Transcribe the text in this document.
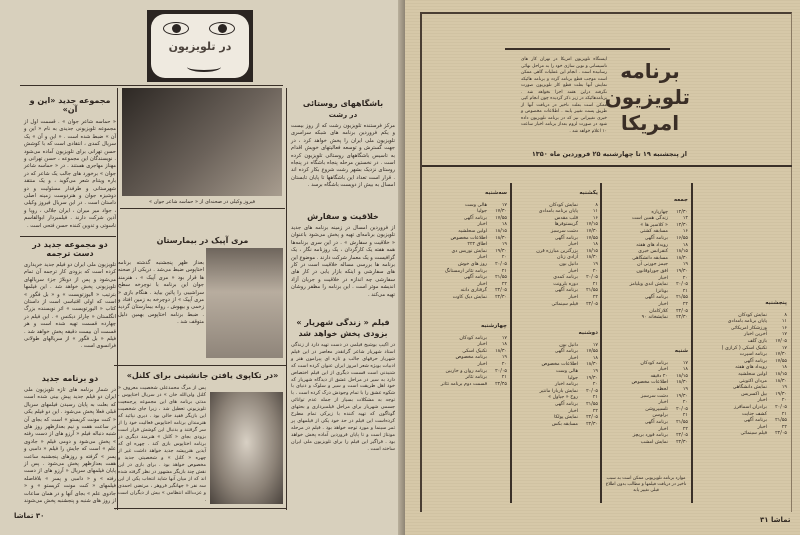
در تلویزیون
مجموعه جدید «این و آن»
« حماسه شاعر جوان » . قسمت اول از مجموعه تلویزیونی جدیدی به نام « این و آن » ضبط شده است . « این و آن » یک سریال کمدی ، انتقادی است که با کوشش حسن تهرانی برای تلویزیون آماده می‌شود . نویسندگان این مجموعه ، حسن تهرانی و مهناز مهاجری هستند . در « حماسه شاعر جوان » برخورد های جالب یک شاعر که در باره ویتنام شعر می‌گوید ، و یک منتقد شهرستانی و طرفدار مسئولیت و دو دوشیزه جوان و هنردوست زمینه اصلی داستان است . در این سریال فیروز وکیلی ، جواد میر میران ، ایران جلالی ، رویا و آذین شرکت دارند . فیلمبردار ابوالقاسم ناسوتی و تدوین کننده حسن فتحی است .
دو مجموعه جدید در دست ترجمه
تلویزیون ملی ایران دو فیلم جدید خریداری کرده است که بزودی کار ترجمه آن تمام می‌شود و پس از دوبلاژ جزء سریالهای تلویزیونی پخش خواهد شد . این فیلمها بترتیب « الیوزتویست » و « بل فگور » است که اولی اقتباسی است از داستان کتاب « الیورتویست » اثر نویسنده بزرگ انگلستان « چارلز دیکنس » . این فیلم در چهارده قسمت تهیه شده است و هر قسمت آن بیست دقیقه پخش خواهد شد . فیلم « بل فگور » از سریالهای طولانی فرانسوی است .
دو برنامه جدید
در شمار برنامه های تازه تلویزیون ملی ایران دو فیلم جدید پیش بینی شده است که بعلت به پایان رسیدن فیلمهای سریال قبلی فعلا پخش می‌شود . این دو فیلم یکی « کنت مونت کریستو » است که بجای آن در ساعت هفت و نیم بعدازظهر روز های شنبه دنباله فیلم « آرزو های از دست رفته » پخش می‌شود و دومی فیلم « جادوی علم » است که جایش را فیلم « دامبی و پسر » گرفته و روزهای پنجشنبه ساعت هفت بعدازظهر پخش می‌شود . پس از پایان فیلمهای سریال « آرزو های از دست رفته » و « دامبی و پسر » بلافاصله فیلمهای « کنت مونت کریستو » و « جادوی علم » بجای آنها و در همان ساعات از روز های شنبه و پنجشنبه پخش می‌شوند
فیروز وکیلی در صحنه‌ای از « حماسه شاعر جوان »
مری آپیک در بیمارستان
بعداز ظهر پنجشنبه گذشته برنامه اختاپوس ضبط می‌شد . دریکی از صحنه ها قرار بود « مری آپیک » ، هنرمند جوان این برنامه با نوچرخه سطح سراشیبی را پائین بیاید . هنگام بازی « مری آپیک » از دوچرخه به زمین افتاد و زخمی و بیهوش ، روانه بیمارستان گردید . ضبط برنامه اختاپوس بهمین دلیل متوقف شد .
«در تکاپوی یافتن جانشینی برای کلنل»
پس از مرگ محمدعلی شخصیت معروف « کلنل ولی‌الله خان » در سریال اختاپوس ، مدتی برنامه های این مجموعه پرجمعیت تلویزیونی تعطیل شد ، زیرا جای شخصیت این بازیگر فقید خالی بود . دیری نپائید که هنرمندان برنامه اختاپوس فعالیت خود را از سر گرفتند و بدنبال این کوشش قرار است بزودی بجای « کلنل » هنرمند دیگری در برنامه اختاپوس بازی کند . چهره ای که آیدین هنرپیشه جدید خواهد داشت غیر از چهره « کلنل » و شخصیتی جدید و مخصوص خواهد بود . برای بازی در این نقش چند بازیگر مشهور در نظر گرفته شده اند که از میان آنها شاید انتخاب یکی از این سه نفر « جهانگیر فروهر ، مرتضی احمدی و عزت‌الله انتظامی » بیش از دیگران است .
باشگاههای روستائی
در رشت
مرکز فرستنده تلویزیون رشت که از روز بیست و یکم فروردین برنامه های شبکه سراسری تلویزیون ملی ایران را پخش خواهد کرد ، در جهت گسترش و توسعه فعالیتهای خویش اقدام به تاسیس باشگاههای روستائی تلویزیون کرده است . در نخستین مرحله پنجاه باشگاه در پنجاه روستای نزدیک بشهر رشت شروع بکار کرده اند . قرار است تعداد این باشگاهها تا پایان تابستان امسال به بیش از دویست باشگاه برسد .
خلاقیت و سفارش
از فروردین امسال در زمینه برنامه های جدید تلویزیون برنامه‌ای تهیه و پخش می‌شود باعنوان « خلاقیت و سفارش » . در این سری برنامه‌ها همه هفته یک کارگردان ، یک روزنامه نگار ، یک گرافیست و یک معمار شرکت دارند . موضوع این برنامه ها بررسی مساله خلاقیت است در کار های سفارشی و اینکه بازار یابی در کار های سفارشی چه اندازه در خلاقیت و جریان آزاد اندیشه موثر است . این برنامه را مظفر روشان تهیه می‌کند .
فیلم « زندگی شهریار »
بزودی پخش خواهد شد
در اکیپ بوشیخ فیلمی در دست تهیه دارد از زندگی استاد شهریار شاعر گرانقدر معاصر در این فیلم شهریار حرفهای جالب و تازه ای پیرامون هنر و ادبیات بویژه شعر امروز ایران عنوان کرده است که شنیدنی است قسمت دیگری از این فیلم اختصاص دارد به سیر در مراحل عشق از دیدگاه شهریار که خود اهل طریقت است و سیر و سلوک و دنیای با شکوه عشق را با تمام وجودش درک کرده است . با توجه به مشکلات بسیار از جمله عدم توانائی جسمی شهریار برای مراحل فیلمبرداری و بحثهای گوناگون که تهیه کننده با زیرکی تمام مطرح کرده‌است این فیلم در حد خود یکی از فیلمهای پر ثمر سینما و مورد توجه خواهد بود . فیلم در مرحله مونتاژ است و تا پایان فروردین آماده پخش خواهد بود . فراگیر این فیلم را برای تلویزیون ملی ایران ساخته است .
۳۰ تماشا
برنامه
تلویزیون
امریکا
ایستگاه تلویزیون امریکا در تهران کار های تاسیساتی و نوین سازی خود را به مراحل نهائی رسانیده است . انجام این عملیات گاهی ممکن است موجب قطع برنامه گردد و برنامه هائیکه نمایش آنها بعلت قطع کار تلویزیون صورت نگرفته دراین هفته اجرا نخواهد شد . برنامه‌هائیکه در زیر ذکر گردیده چون انجام کپی ممکن است بعلت تاخیر در دریافت آنها از طریق پست تغییر یابند . اطلاعات مخصوص و خبری تغییراتی نیز که در برنامه تلویزیون داده شود در صورت لزوم بعداز برنامه اخبار ساعت ۱۰ اعلام خواهد شد .
از پنجشنبه ۱۹ تا چهارشنبه ۲۵ فروردین ماه ۱۳۵۰
پنجشنبه
۸
نمایش کودکان
۱۱
پایان برنامه بامدادی
۱۶
ورزشکار امریکائی
۱۷
آخرین اخبار
۱۷/۰۵
بازی گلف
۱۷
تکنیک اسکی ( کرازی )
۱۷/۳۰
برنامه اسپرت
۱۷/۵۵
برنامه آگهی
۱۸
رویداد های هفته
۱۸/۱۵
اولین سحلشیه
۱۸/۳۰
مردان اکتویتی
۱۹
نمایش دانشگاهی
۱۹/۳۰
بیل اکسربس
۲۰
اخبار
۲۰/۰۵
برادران اسمافرز
۲۱
کشف جنایت
۲۱/۵۵
برنامه آگهی
۲۲
اخبار
۲۲/۰۵
فیلم سینمائی
جمعه
۱۲/۳۰
چهارپاره
۱۴
زندگی همین است
۱۴/۳۰
« کلاسیر ها »
۱۶
مسابقه کشتی
۱۶/۵۵
برنامه آگهی
۱۸
رویداد های هفته
۱۸/۱۵
کنفرانس خبری
۱۸/۳۰
مسابقه دانشگاهی
۱۹
جیمز جورنی آن
۱۹/۳۰
افق جوراوقانون
۲۰
اخبار
۲۰/۰۵
نمایش اندی ویلیامز
۲۱
بونانزا
۲۱/۵۵
برنامه آگهی
۲۲
اخبار
۲۲/۰۵
کلارکامان
۲۲/۳۰
نمایشخانه ۹۰
شنبه
۱۷
برنامه کودکان
۱۸
اخبار
۱۸/۱۵
۲۰ دقیقه
۱۸/۳۰
اطلاعات مخصوص
۱۹
لحظه
۱۹/۳۰
دشت سرسبز
۲۰
اخبار
۲۰/۰۵
تلسیپروشن
۲۱
برلوسن
۲۱/۵۵
برنامه آگهی
۲۲
اخبار
۲۲/۰۵
برنامه فورد بریچز
۲۲/۳۰
نمایش امشب
یکشنبه
۸
نمایش کودکان
۱۱
پایان برنامه بامدادی
۱۶
قلب مقدس
۱۷/۱۵
گریستوفرها
۱۷/۳۰
دشت سرسبز
۱۷/۵۵
برنامه آگهی
۱۸
اخبار
۱۸/۱۵
بزرگترین مبارزه قرن
۱۸/۳۰
آزادی زنان
۱۹
دانیل بون
۲۰
اخبار
۲۰/۰۵
برنامه کمدی
۲۱
دوره بلرونت
۲۱/۵۵
برنامه آگهی
۲۲
اخبار
۲۲/۰۵
فیلم سینمائی
دوشنبه
۱۷
دانیل بون
۱۷/۵۵
برنامه آگهی
۱۸
اخبار
۱۸/۳۰
اطلاعات مخصوص
۱۹
هالی وست
۱۹/۳۰
جولیا
۲۰
برنامه اخبار
۲۰/۰۵
نمایش باربارا مانتیر
۲۱
روح « جیاول »
۲۱/۵۵
برنامه آگهی
۲۲
اخبار
۲۲/۰۵
نمایش پولکا
۲۲/۳۰
مسابقه بکس
سه‌شنبه
۱۷
هالی وست
۱۷/۳۰
جولیا
۱۷/۵۵
برنامه آگهی
۱۸
اخبار
۱۸/۱۵
اولین سحلشیه
۱۸/۳۰
اطلاعات مخصوص
۱۹
اطاق ۲۲۲
۱۹/۳۰
نمایش نوریس دی
۲۰
اخبار
۲۰/۰۵
روز های خوش
۲۱
برنامه تئاتر ارمستانگ
۲۱/۵۵
برنامه آگهی
۲۲
اخبار
۲۲/۰۵
گرفتاری دانته
۲۲/۳۰
نمایش دیک کاوت
چهارشنبه
۱۷
برنامه کودکان
۱۸
اخبار
۱۸/۳۰
تکنیک اسکی
۱۹
برنامه مخصوص
۲۰
اخبار
۲۰/۰۵
برنامه روان و حاربین
۲۱
برنامه تئاتر
۲۲/۴۵
قسمت دوم برنامه تئاتر
موارد برنامه تلویزیونی ممکن است به سبب تاخیر در دریافت فیلمها و مطالب بدون اطلاع قبلی تغییر یابد
تماشا ۳۱
